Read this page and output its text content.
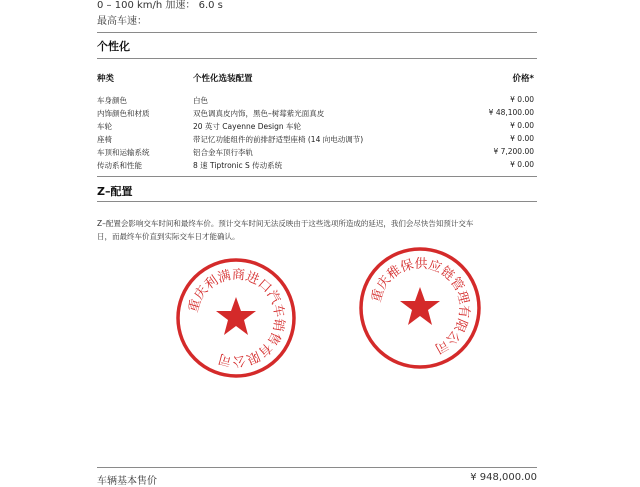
0 – 100 km/h 加速： 6.0 s
最高车速：
个性化
种类	个性化选装配置	价格*
车身颜色	白色	¥ 0.00
内饰颜色和材质	双色调真皮内饰，黑色–树莓紫光面真皮	¥ 48,100.00
车轮	20 英寸 Cayenne Design 车轮	¥ 0.00
座椅	带记忆功能组件的前排舒适型座椅 (14 向电动调节)	¥ 0.00
车顶和运输系统	铝合金车顶行李轨	¥ 7,200.00
传动系和性能	8 速 Tiptronic S 传动系统	¥ 0.00
Z–配置
Z–配置会影响交车时间和最终车价。预计交车时间无法反映由于这些选项所造成的延迟，我们会尽快告知预计交车
日，而最终车价直到实际交车日才能确认。
重庆利满商进口汽车销售有限公司
重庆稚保供应链管理有限公司
车辆基本售价	¥ 948,000.00
